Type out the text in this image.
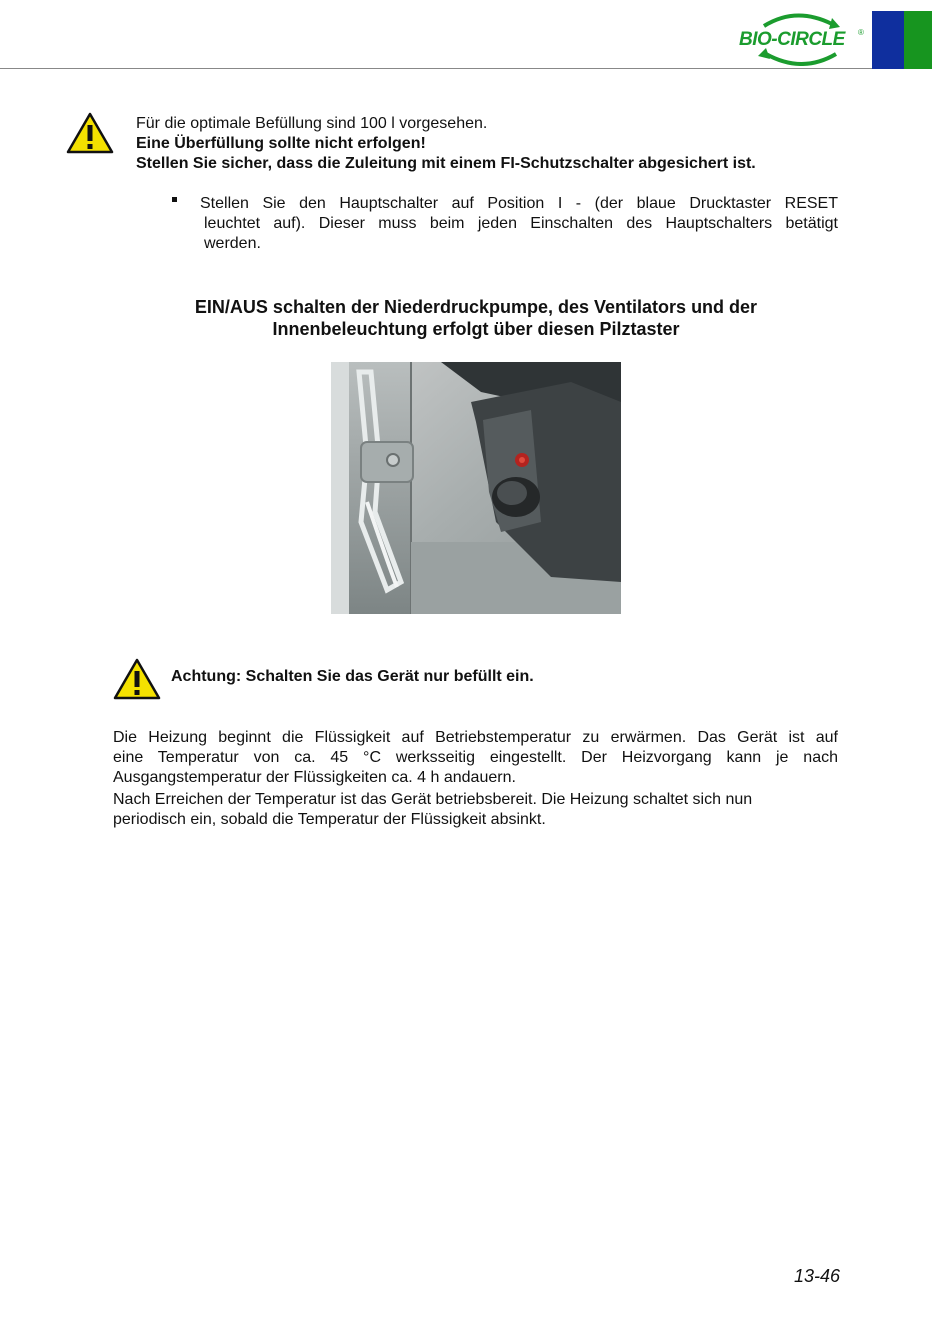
BIO-CIRCLE ®
Für die optimale Befüllung sind 100 l vorgesehen.
Eine Überfüllung sollte nicht erfolgen!
Stellen Sie sicher, dass die Zuleitung mit einem FI-Schutzschalter abgesichert ist.
Stellen Sie den Hauptschalter auf Position I - (der blaue Drucktaster RESET
leuchtet auf). Dieser muss beim jeden Einschalten des Hauptschalters betätigt
werden.
EIN/AUS schalten der Niederdruckpumpe, des Ventilators und der
Innenbeleuchtung erfolgt über diesen Pilztaster
Achtung: Schalten Sie das Gerät nur befüllt ein.
Die Heizung beginnt die Flüssigkeit auf Betriebstemperatur zu erwärmen. Das Gerät ist auf
eine Temperatur von ca. 45 °C werksseitig eingestellt. Der Heizvorgang kann je nach
Ausgangstemperatur der Flüssigkeiten ca. 4 h andauern.
Nach Erreichen der Temperatur ist das Gerät betriebsbereit. Die Heizung schaltet sich nun
periodisch ein, sobald die Temperatur der Flüssigkeit absinkt.
13-46
